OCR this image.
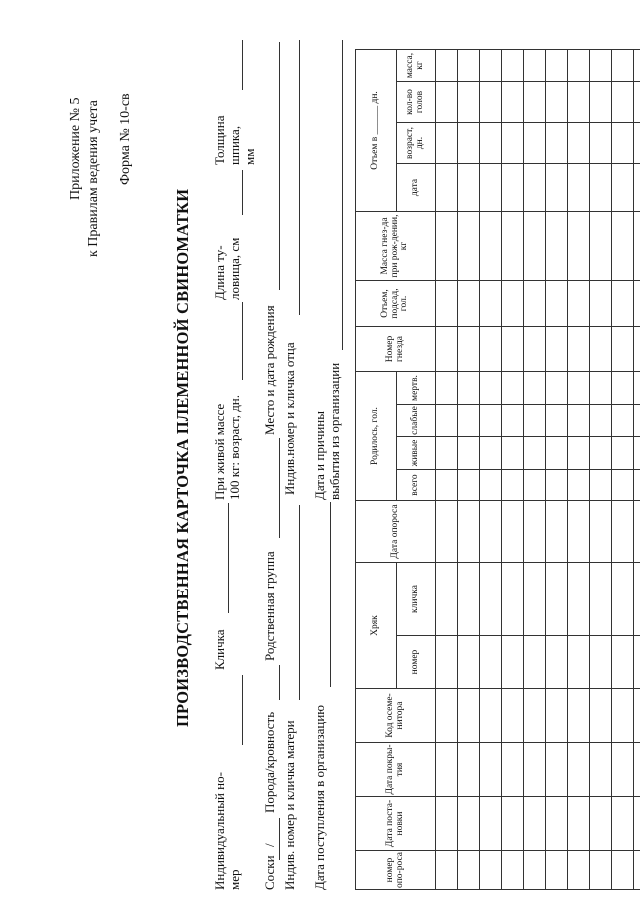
Приложение № 5 к Правилам ведения учета Форма № 10-св
ПРОИЗВОДСТВЕННАЯ КАРТОЧКА ПЛЕМЕННОЙ СВИНОМАТКИ
Индивидуальный но-
мер
Кличка
При живой массе
100 кг: возраст, дн.
Длина ту-
ловища, см
Толщина
шпика,
мм
Соски
/
Порода/кровность
Родственная группа
Место и дата рождения
Индив. номер и кличка матери
Индив.номер и кличка отца
Дата поступления в организацию
Дата и причины
выбытия из организации
номер опо-роса	Дата поста-новки	Дата покры-тия	Код осеме-нитора	Хряк		Дата опороса	Родилось, гол.				Номер гнезда	Отъем, подсад, гол.	Масса гнез-да при рож-дении, кг	Отъем в ______ дн.			
				номер	кличка		всего	живые	слабые	мертв.				дата	возраст, дн.	кол-во голов	масса, кг
